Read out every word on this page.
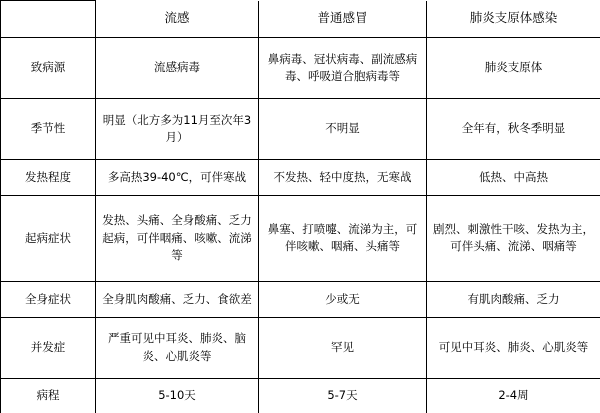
	流感	普通感冒	肺炎支原体感染
致病源	流感病毒	鼻病毒、冠状病毒、副流感病毒、呼吸道合胞病毒等	肺炎支原体
季节性	明显（北方多为11月至次年3月）	不明显	全年有，秋冬季明显
发热程度	多高热39-40℃，可伴寒战	不发热、轻中度热，无寒战	低热、中高热
起病症状	发热、头痛、全身酸痛、乏力起病，可伴咽痛、咳嗽、流涕等	鼻塞、打喷嚏、流涕为主，可伴咳嗽、咽痛、头痛等	剧烈、刺激性干咳、发热为主，可伴头痛、流涕、咽痛等
全身症状	全身肌肉酸痛、乏力、食欲差	少或无	有肌肉酸痛、乏力
并发症	严重可见中耳炎、肺炎、脑炎、心肌炎等	罕见	可见中耳炎、肺炎、心肌炎等
病程	5-10天	5-7天	2-4周
